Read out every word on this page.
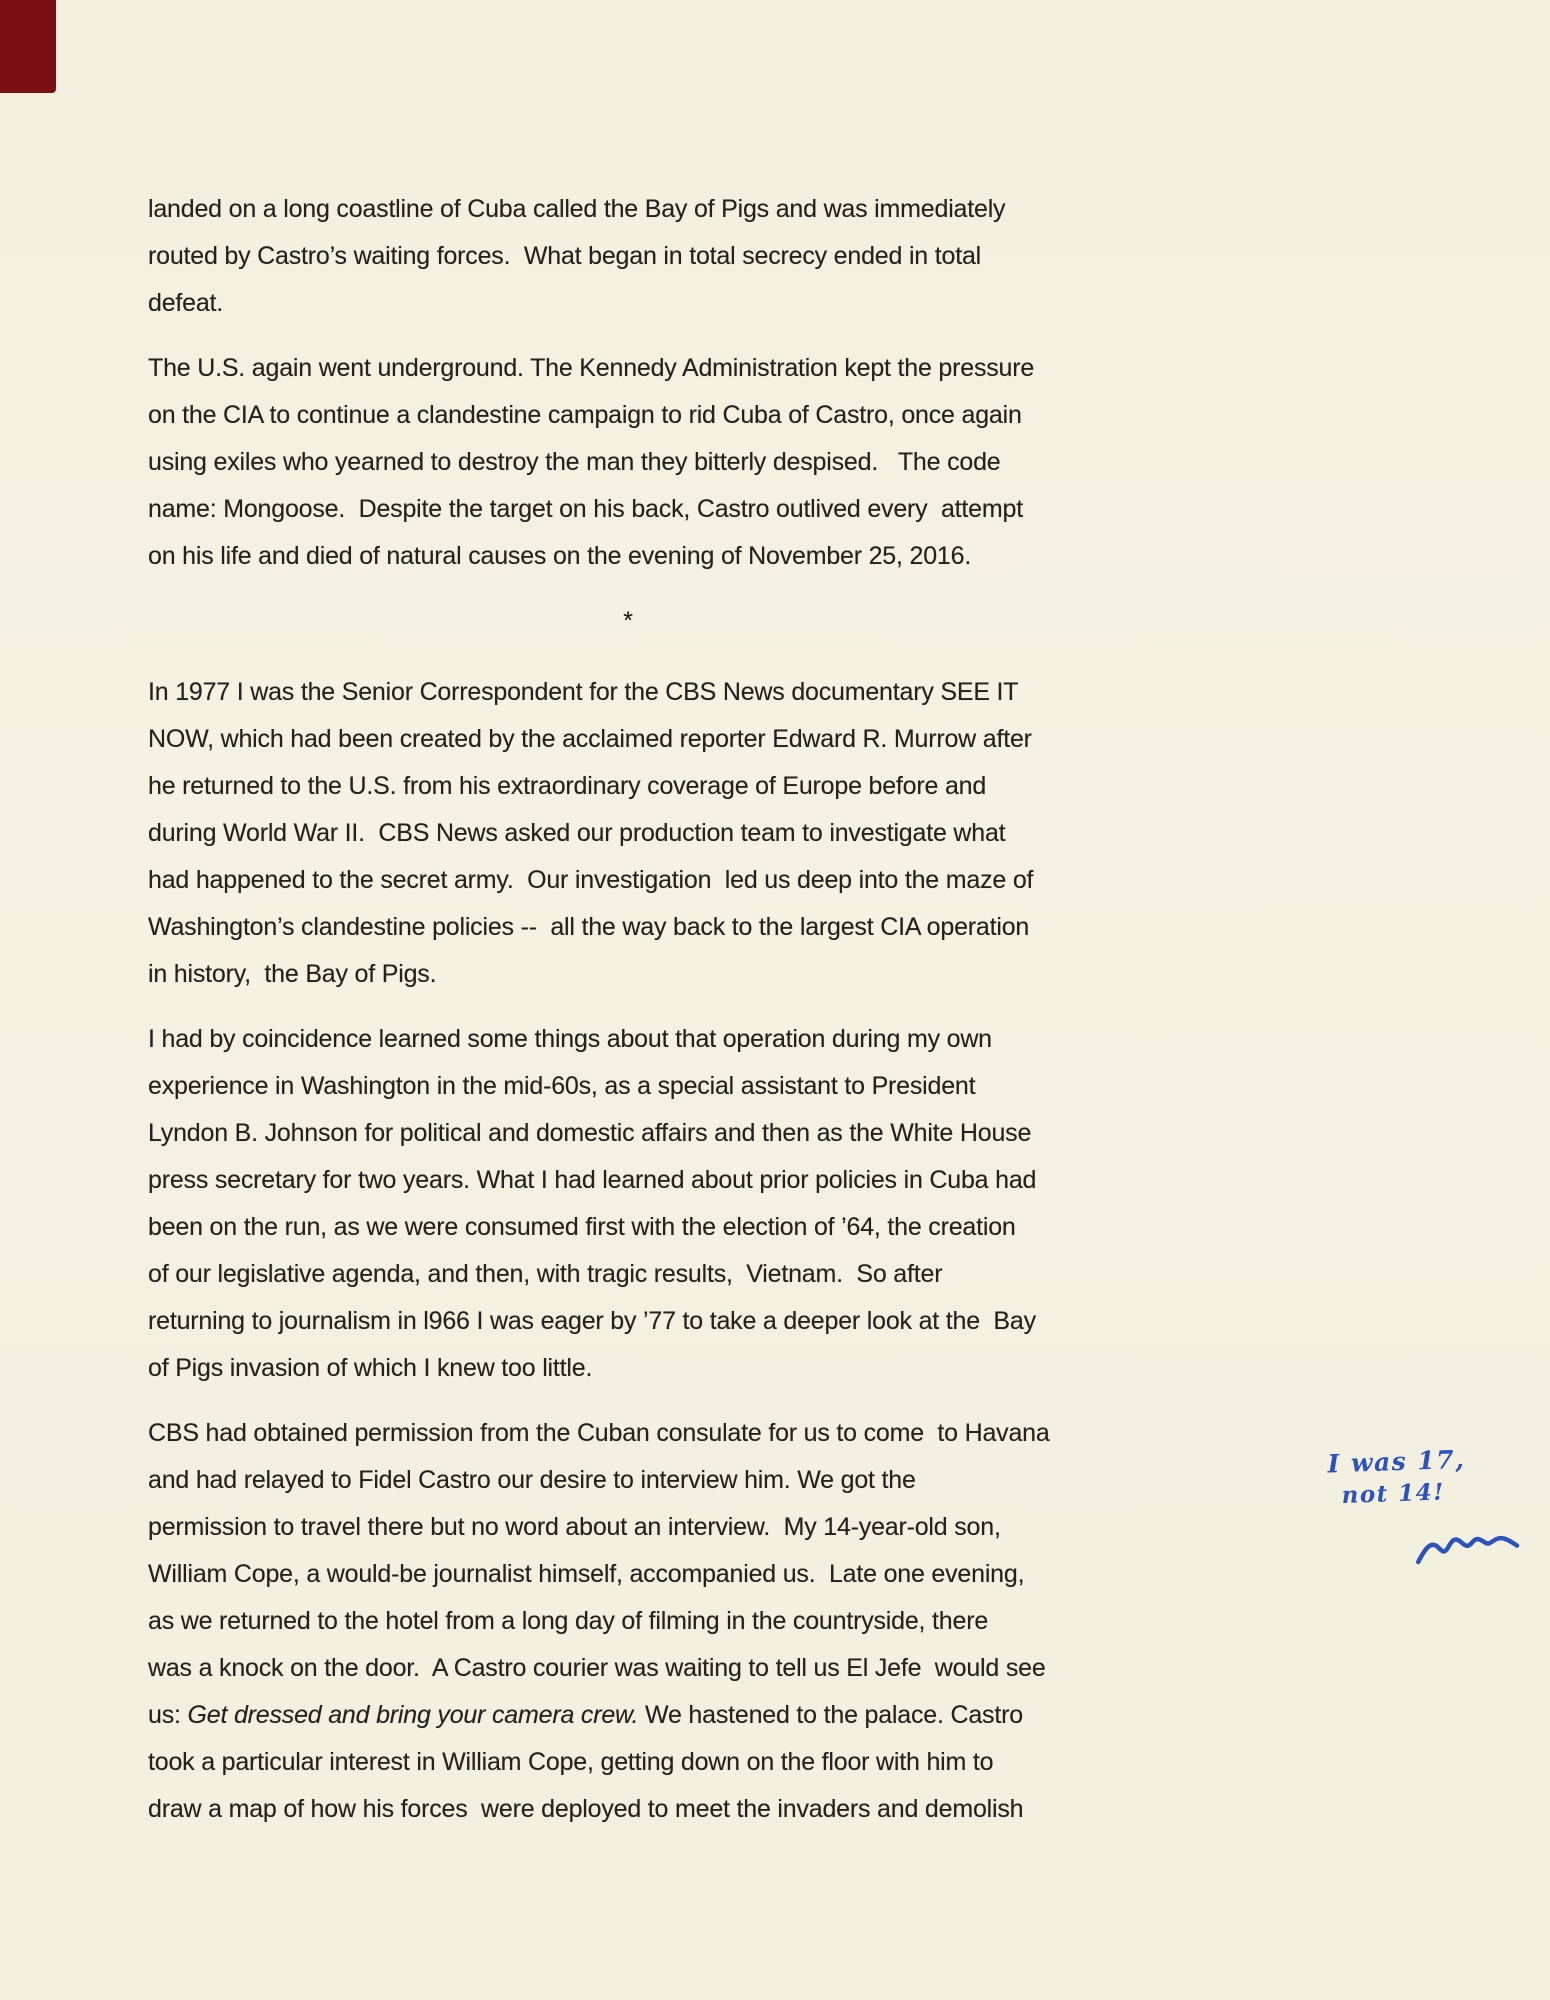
landed on a long coastline of Cuba called the Bay of Pigs and was immediately
routed by Castro’s waiting forces.  What began in total secrecy ended in total
defeat.
The U.S. again went underground. The Kennedy Administration kept the pressure
on the CIA to continue a clandestine campaign to rid Cuba of Castro, once again
using exiles who yearned to destroy the man they bitterly despised.   The code
name: Mongoose.  Despite the target on his back, Castro outlived every  attempt
on his life and died of natural causes on the evening of November 25, 2016.
*
In 1977 I was the Senior Correspondent for the CBS News documentary SEE IT
NOW, which had been created by the acclaimed reporter Edward R. Murrow after
he returned to the U.S. from his extraordinary coverage of Europe before and
during World War II.  CBS News asked our production team to investigate what
had happened to the secret army.  Our investigation  led us deep into the maze of
Washington’s clandestine policies --  all the way back to the largest CIA operation
in history,  the Bay of Pigs.
I had by coincidence learned some things about that operation during my own
experience in Washington in the mid-60s, as a special assistant to President
Lyndon B. Johnson for political and domestic affairs and then as the White House
press secretary for two years. What I had learned about prior policies in Cuba had
been on the run, as we were consumed first with the election of ’64, the creation
of our legislative agenda, and then, with tragic results,  Vietnam.  So after
returning to journalism in l966 I was eager by ’77 to take a deeper look at the  Bay
of Pigs invasion of which I knew too little.
CBS had obtained permission from the Cuban consulate for us to come  to Havana
and had relayed to Fidel Castro our desire to interview him. We got the
permission to travel there but no word about an interview.  My 14-year-old son,
William Cope, a would-be journalist himself, accompanied us.  Late one evening,
as we returned to the hotel from a long day of filming in the countryside, there
was a knock on the door.  A Castro courier was waiting to tell us El Jefe  would see
us: Get dressed and bring your camera crew. We hastened to the palace. Castro
took a particular interest in William Cope, getting down on the floor with him to
draw a map of how his forces  were deployed to meet the invaders and demolish
I was 17,
not 14!
